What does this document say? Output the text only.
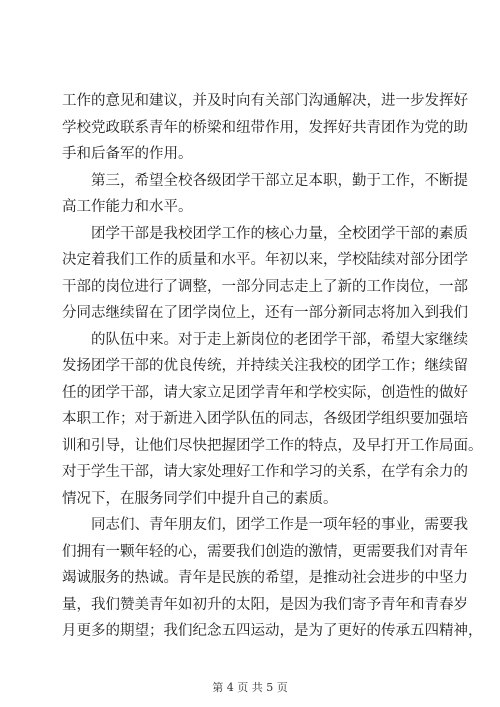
工作的意见和建议，并及时向有关部门沟通解决，进一步发挥好
学校党政联系青年的桥梁和纽带作用，发挥好共青团作为党的助
手和后备军的作用。
第三，希望全校各级团学干部立足本职，勤于工作，不断提
高工作能力和水平。
团学干部是我校团学工作的核心力量，全校团学干部的素质
决定着我们工作的质量和水平。年初以来，学校陆续对部分团学
干部的岗位进行了调整，一部分同志走上了新的工作岗位，一部
分同志继续留在了团学岗位上，还有一部分新同志将加入到我们
的队伍中来。对于走上新岗位的老团学干部，希望大家继续
发扬团学干部的优良传统，并持续关注我校的团学工作；继续留
任的团学干部，请大家立足团学青年和学校实际，创造性的做好
本职工作；对于新进入团学队伍的同志，各级团学组织要加强培
训和引导，让他们尽快把握团学工作的特点，及早打开工作局面。
对于学生干部，请大家处理好工作和学习的关系，在学有余力的
情况下，在服务同学们中提升自己的素质。
同志们、青年朋友们，团学工作是一项年轻的事业，需要我
们拥有一颗年轻的心，需要我们创造的激情，更需要我们对青年
竭诚服务的热诚。青年是民族的希望，是推动社会进步的中坚力
量，我们赞美青年如初升的太阳，是因为我们寄予青年和青春岁
月更多的期望；我们纪念五四运动，是为了更好的传承五四精神，
第 4 页 共 5 页
